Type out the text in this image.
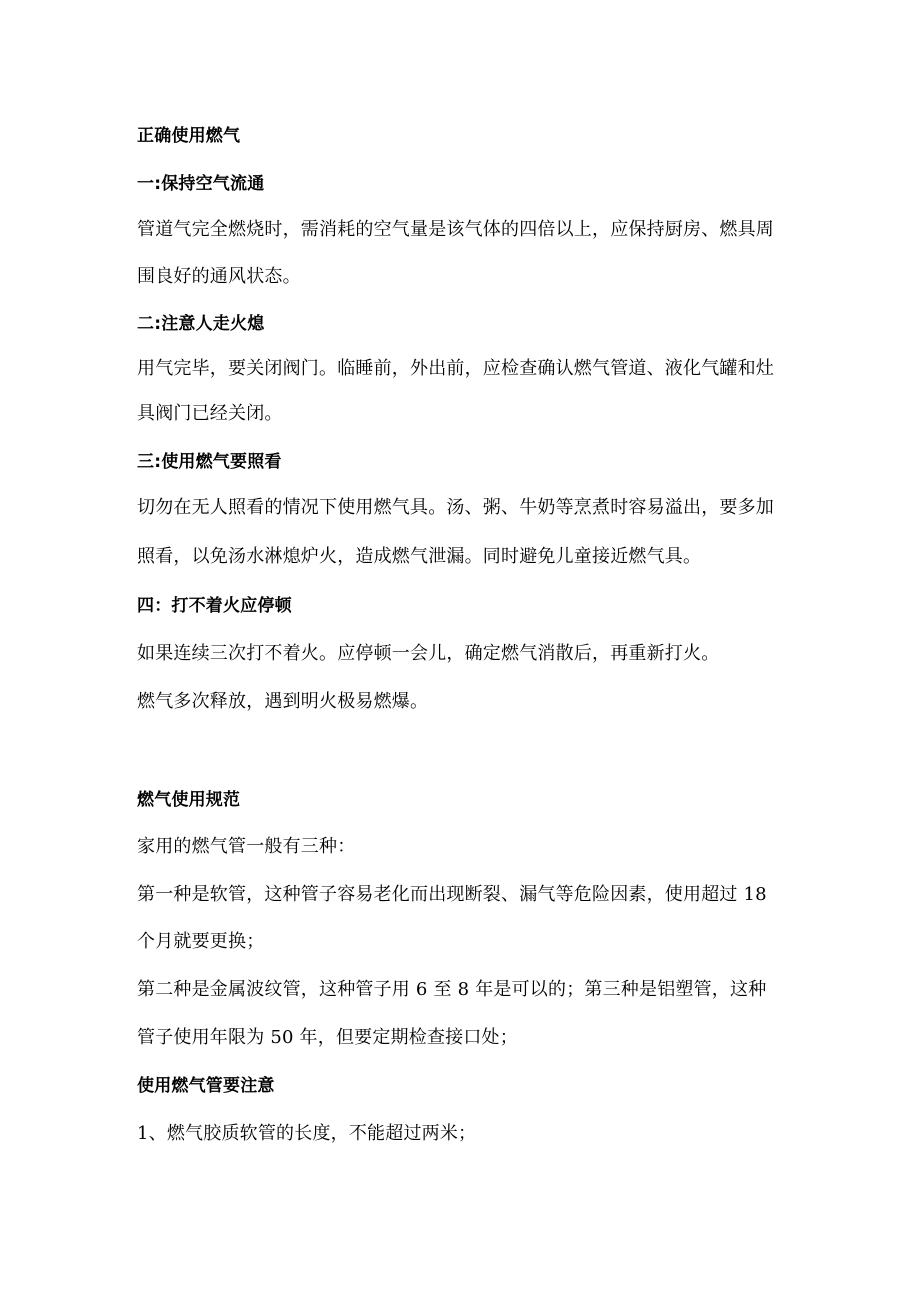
正确使用燃气
一:保持空气流通
管道气完全燃烧时，需消耗的空气量是该气体的四倍以上，应保持厨房、燃具周
围良好的通风状态。
二:注意人走火熄
用气完毕，要关闭阀门。临睡前，外出前，应检查确认燃气管道、液化气罐和灶
具阀门已经关闭。
三:使用燃气要照看
切勿在无人照看的情况下使用燃气具。汤、粥、牛奶等烹煮时容易溢出，要多加
照看，以免汤水淋熄炉火，造成燃气泄漏。同时避免儿童接近燃气具。
四：打不着火应停顿
如果连续三次打不着火。应停顿一会儿，确定燃气消散后，再重新打火。
燃气多次释放，遇到明火极易燃爆。
燃气使用规范
家用的燃气管一般有三种：
第一种是软管，这种管子容易老化而出现断裂、漏气等危险因素，使用超过 18
个月就要更换；
第二种是金属波纹管，这种管子用 6 至 8 年是可以的；第三种是铝塑管，这种
管子使用年限为 50 年，但要定期检查接口处；
使用燃气管要注意
1、燃气胶质软管的长度，不能超过两米；
